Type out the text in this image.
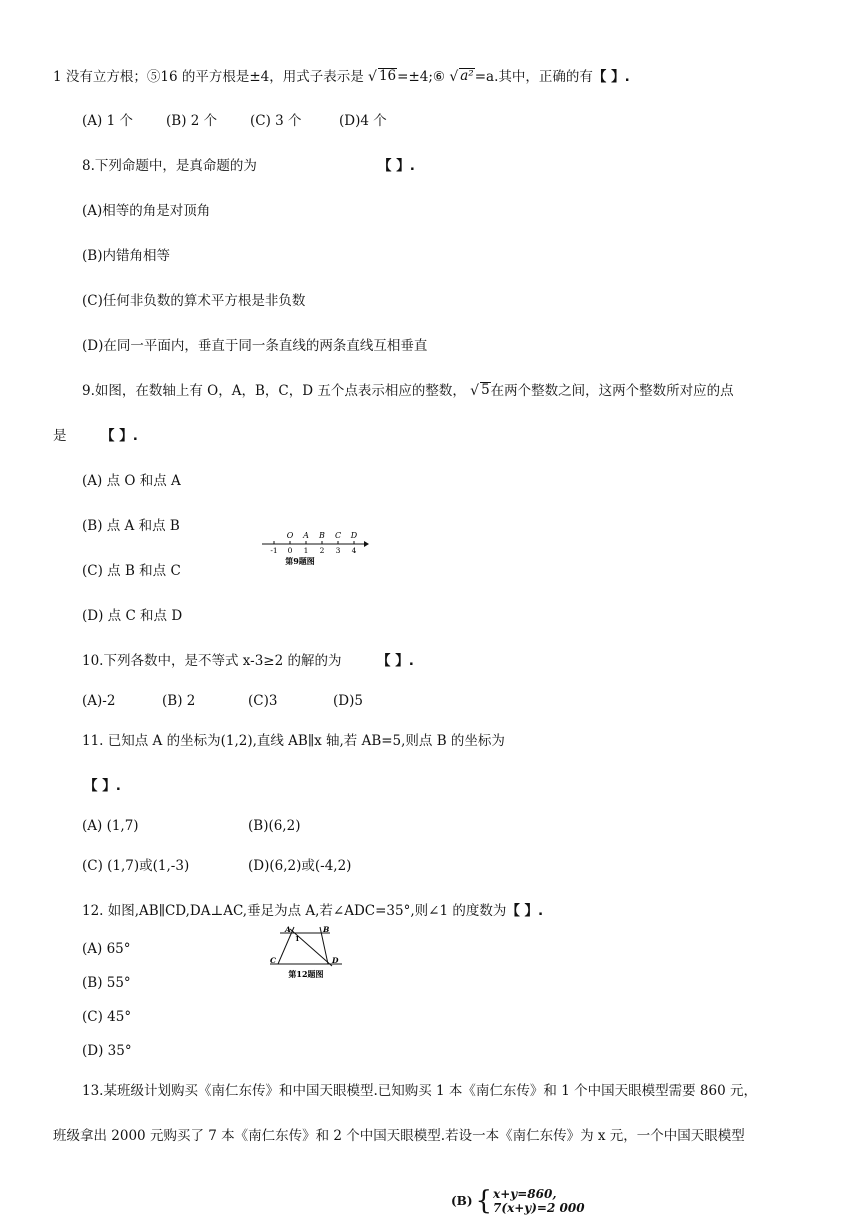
1 没有立方根；⑤16 的平方根是±4，用式子表示是 √ 16 =±4;⑥ √ a² =a.其中，正确的有【 】.
(A) 1 个 (B) 2 个 (C) 3 个	(D)4 个
8.下列命题中，是真命题的为	【 】.
(A)相等的角是对顶角
(B)内错角相等
(C)任何非负数的算术平方根是非负数
(D)在同一平面内，垂直于同一条直线的两条直线互相垂直
9.如图，在数轴上有 O，A，B，C，D 五个点表示相应的整数， √ 5 在两个整数之间，这两个整数所对应的点
是	【 】.
(A) 点 O 和点 A
(B) 点 A 和点 B
(C) 点 B 和点 C
(D) 点 C 和点 D
O A B C D
-1 0 1 2 3 4
第9题图
10.下列各数中，是不等式 x-3≥2 的解的为	【 】.
(A)-2	(B) 2	(C)3	(D)5
11. 已知点 A 的坐标为(1,2),直线 AB∥x 轴,若 AB=5,则点 B 的坐标为
【 】.
(A) (1,7)	(B)(6,2)
(C) (1,7)或(1,-3)	(D)(6,2)或(-4,2)
12. 如图,AB∥CD,DA⊥AC,垂足为点 A,若∠ADC=35°,则∠1 的度数为【 】.
(A) 65°
(B) 55°
(C) 45°
(D) 35°
A
1
B
C	D
第12题图
13.某班级计划购买《南仁东传》和中国天眼模型.已知购买 1 本《南仁东传》和 1 个中国天眼模型需要 860 元，
班级拿出 2000 元购买了 7 本《南仁东传》和 2 个中国天眼模型.若设一本《南仁东传》为 x 元，一个中国天眼模型
(B) { x+y=860,
7(x+y)=2 000
